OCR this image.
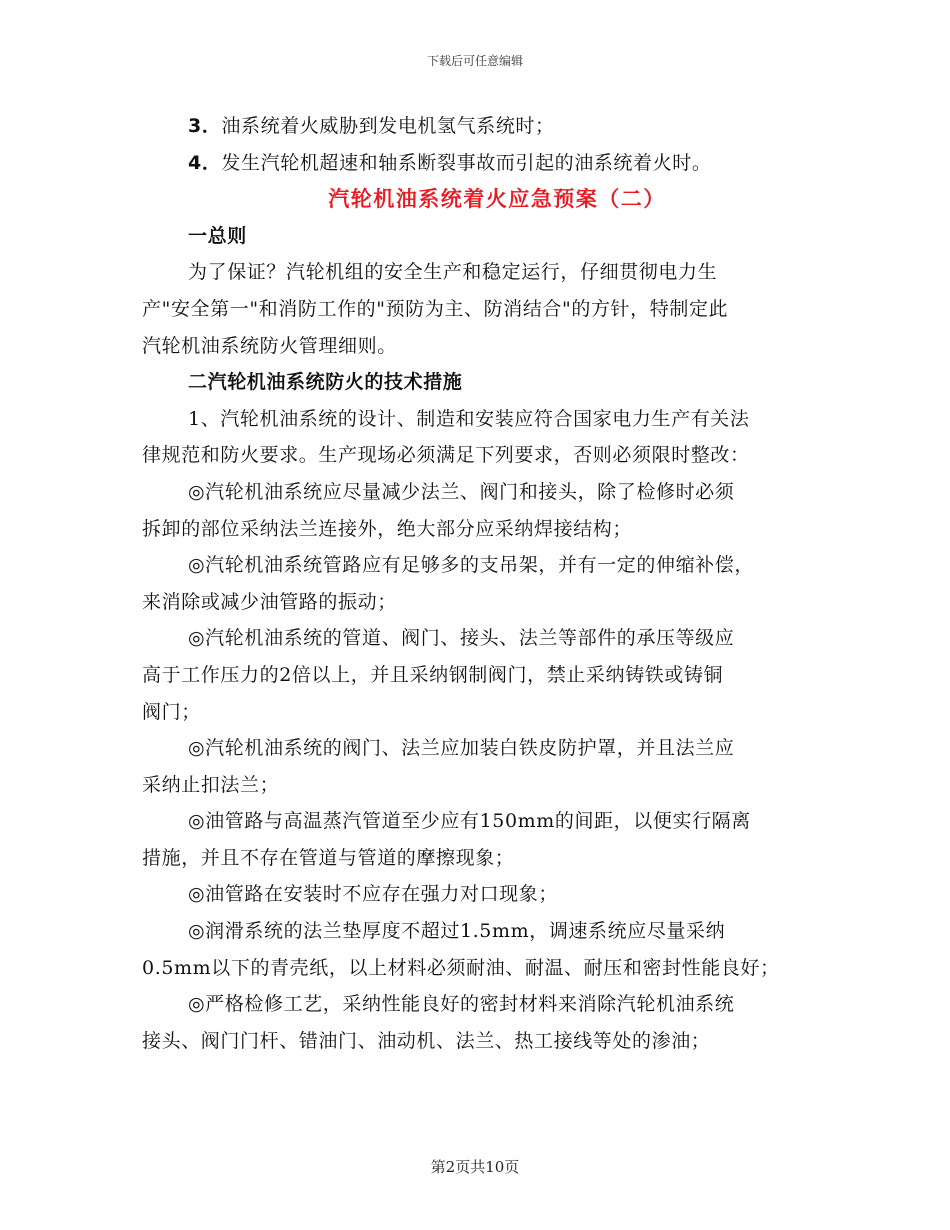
下载后可任意编辑
3．油系统着火威胁到发电机氢气系统时；
4．发生汽轮机超速和轴系断裂事故而引起的油系统着火时。
汽轮机油系统着火应急预案（二）
一总则
为了保证？汽轮机组的安全生产和稳定运行，仔细贯彻电力生
产"安全第一"和消防工作的"预防为主、防消结合"的方针，特制定此
汽轮机油系统防火管理细则。
二汽轮机油系统防火的技术措施
1、汽轮机油系统的设计、制造和安装应符合国家电力生产有关法
律规范和防火要求。生产现场必须满足下列要求，否则必须限时整改：
◎汽轮机油系统应尽量减少法兰、阀门和接头，除了检修时必须
拆卸的部位采纳法兰连接外，绝大部分应采纳焊接结构；
◎汽轮机油系统管路应有足够多的支吊架，并有一定的伸缩补偿，
来消除或减少油管路的振动；
◎汽轮机油系统的管道、阀门、接头、法兰等部件的承压等级应
高于工作压力的2倍以上，并且采纳钢制阀门，禁止采纳铸铁或铸铜
阀门；
◎汽轮机油系统的阀门、法兰应加装白铁皮防护罩，并且法兰应
采纳止扣法兰；
◎油管路与高温蒸汽管道至少应有150mm的间距，以便实行隔离
措施，并且不存在管道与管道的摩擦现象；
◎油管路在安装时不应存在强力对口现象；
◎润滑系统的法兰垫厚度不超过1.5mm，调速系统应尽量采纳
0.5mm以下的青壳纸，以上材料必须耐油、耐温、耐压和密封性能良好；
◎严格检修工艺，采纳性能良好的密封材料来消除汽轮机油系统
接头、阀门门杆、错油门、油动机、法兰、热工接线等处的渗油；
第2页共10页
